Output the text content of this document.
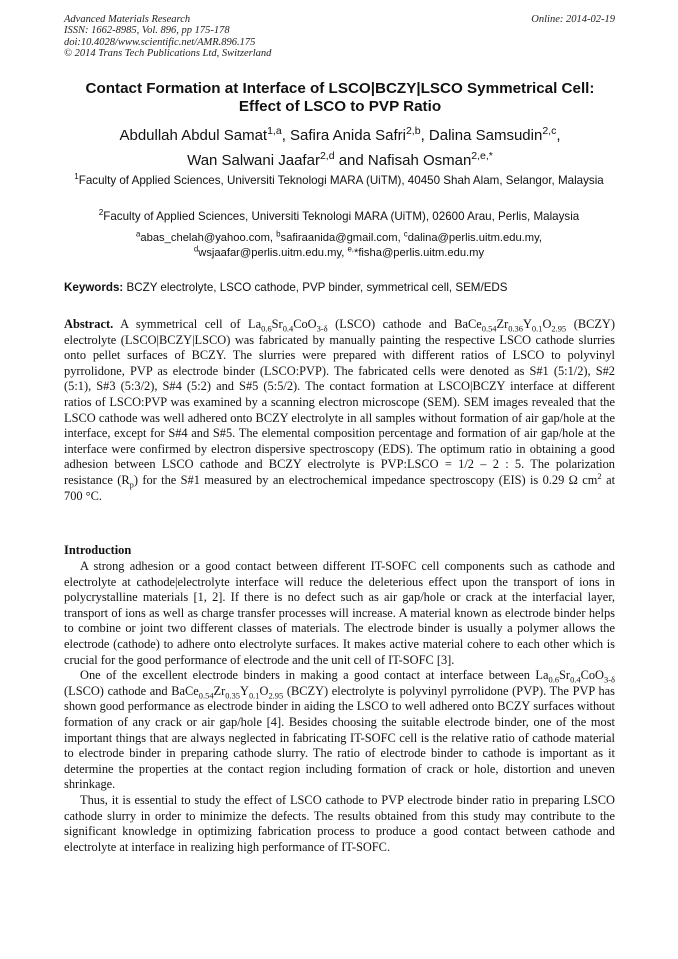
Advanced Materials Research
ISSN: 1662-8985, Vol. 896, pp 175-178
doi:10.4028/www.scientific.net/AMR.896.175
© 2014 Trans Tech Publications Ltd, Switzerland
Online: 2014-02-19
Contact Formation at Interface of LSCO|BCZY|LSCO Symmetrical Cell:
Effect of LSCO to PVP Ratio
Abdullah Abdul Samat$^{1,a}$, Safira Anida Safri$^{2,b}$, Dalina Samsudin$^{2,c}$,
Wan Salwani Jaafar$^{2,d}$ and Nafisah Osman$^{2,e,*}$
$^1$Faculty of Applied Sciences, Universiti Teknologi MARA (UiTM), 40450 Shah Alam, Selangor, Malaysia
$^2$Faculty of Applied Sciences, Universiti Teknologi MARA (UiTM), 02600 Arau, Perlis, Malaysia
$^a$abas_chelah@yahoo.com, $^b$safiraanida@gmail.com, $^c$dalina@perlis.uitm.edu.my,
$^d$wsjaafar@perlis.uitm.edu.my, $^{e,}$*fisha@perlis.uitm.edu.my
Keywords: BCZY electrolyte, LSCO cathode, PVP binder, symmetrical cell, SEM/EDS
Abstract. A symmetrical cell of $La_{0.6}Sr_{0.4}CoO_{3-\delta}$ (LSCO) cathode and $BaCe_{0.54}Zr_{0.36}Y_{0.1}O_{2.95}$ (BCZY) electrolyte (LSCO|BCZY|LSCO) was fabricated by manually painting the respective LSCO cathode slurries onto pellet surfaces of BCZY. The slurries were prepared with different ratios of LSCO to polyvinyl pyrrolidone, PVP as electrode binder (LSCO:PVP). The fabricated cells were denoted as S#1 (5:1/2), S#2 (5:1), S#3 (5:3/2), S#4 (5:2) and S#5 (5:5/2). The contact formation at LSCO|BCZY interface at different ratios of LSCO:PVP was examined by a scanning electron microscope (SEM). SEM images revealed that the LSCO cathode was well adhered onto BCZY electrolyte in all samples without formation of air gap/hole at the interface, except for S#4 and S#5. The elemental composition percentage and formation of air gap/hole at the interface were confirmed by electron dispersive spectroscopy (EDS). The optimum ratio in obtaining a good adhesion between LSCO cathode and BCZY electrolyte is PVP:LSCO = 1/2 – 2 : 5. The polarization resistance $(R_p)$ for the S#1 measured by an electrochemical impedance spectroscopy (EIS) is 0.29 Ω $cm^2$ at 700 °C.
Introduction

A strong adhesion or a good contact between different IT-SOFC cell components such as cathode and electrolyte at cathode|electrolyte interface will reduce the deleterious effect upon the transport of ions in polycrystalline materials [1, 2]. If there is no defect such as air gap/hole or crack at the interfacial layer, transport of ions as well as charge transfer processes will increase. A material known as electrode binder helps to combine or joint two different classes of materials. The electrode binder is usually a polymer allows the electrode (cathode) to adhere onto electrolyte surfaces. It makes active material cohere to each other which is crucial for the good performance of electrode and the unit cell of IT-SOFC [3].

One of the excellent electrode binders in making a good contact at interface between $La_{0.6}Sr_{0.4}CoO_{3-\delta}$ (LSCO) cathode and $BaCe_{0.54}Zr_{0.35}Y_{0.1}O_{2.95}$ (BCZY) electrolyte is polyvinyl pyrrolidone (PVP). The PVP has shown good performance as electrode binder in aiding the LSCO to well adhered onto BCZY surfaces without formation of any crack or air gap/hole [4]. Besides choosing the suitable electrode binder, one of the most important things that are always neglected in fabricating IT-SOFC cell is the relative ratio of cathode material to electrode binder in preparing cathode slurry. The ratio of electrode binder to cathode is important as it determine the properties at the contact region including formation of crack or hole, distortion and uneven shrinkage.

Thus, it is essential to study the effect of LSCO cathode to PVP electrode binder ratio in preparing LSCO cathode slurry in order to minimize the defects. The results obtained from this study may contribute to the significant knowledge in optimizing fabrication process to produce a good contact between cathode and electrolyte at interface in realizing high performance of IT-SOFC.
